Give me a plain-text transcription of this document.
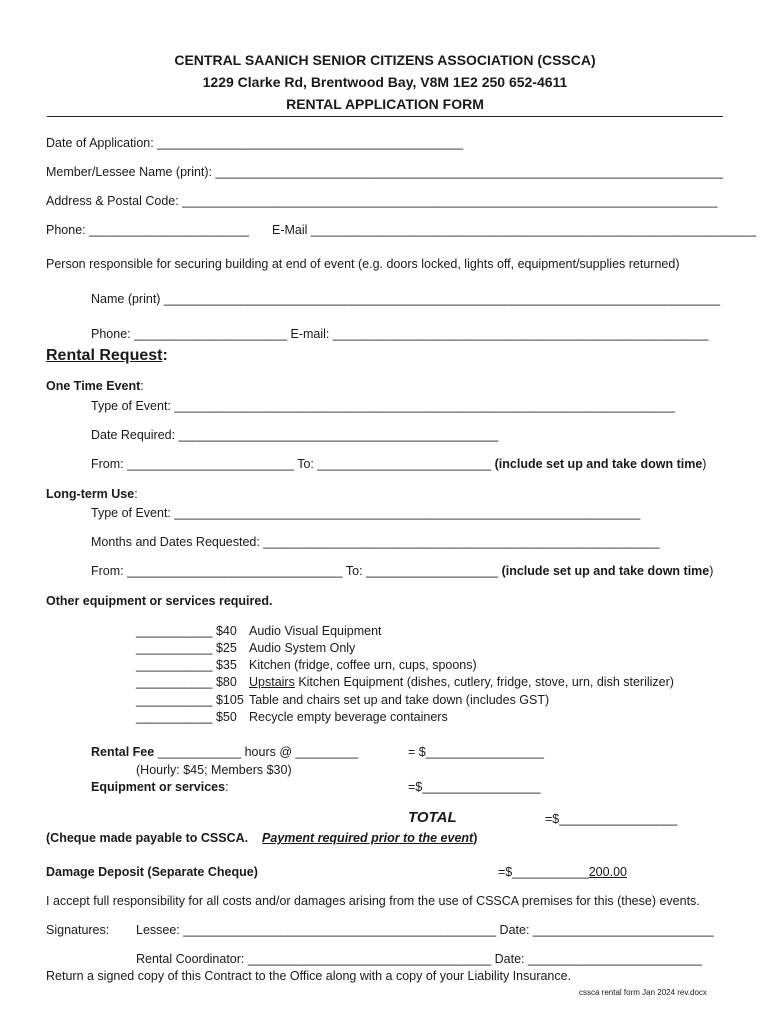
CENTRAL SAANICH SENIOR CITIZENS ASSOCIATION (CSSCA)
1229 Clarke Rd, Brentwood Bay, V8M 1E2 250 652-4611
RENTAL APPLICATION FORM
Date of Application: ____________________________________________
Member/Lessee Name (print): _________________________________________________________________________
Address & Postal Code: _____________________________________________________________________________
Phone: _______________________ E-Mail ________________________________________________________________
Person responsible for securing building at end of event (e.g. doors locked, lights off, equipment/supplies returned)
Name (print) ________________________________________________________________________________
Phone: ______________________ E-mail: ______________________________________________________
Rental Request:
One Time Event:
Type of Event: ________________________________________________________________________
Date Required: ______________________________________________
From: ________________________ To: _________________________ (include set up and take down time)
Long-term Use:
Type of Event: ___________________________________________________________________
Months and Dates Requested: _________________________________________________________
From: _______________________________ To: ___________________ (include set up and take down time)
Other equipment or services required.
___________ $40 Audio Visual Equipment
___________ $25 Audio System Only
___________ $35 Kitchen (fridge, coffee urn, cups, spoons)
___________ $80 Upstairs Kitchen Equipment (dishes, cutlery, fridge, stove, urn, dish sterilizer)
___________ $105 Table and chairs set up and take down (includes GST)
___________ $50 Recycle empty beverage containers
Rental Fee ____________ hours @ _________	= $_________________
(Hourly: $45; Members $30)
Equipment or services:	=$_________________
TOTAL	=$_________________
(Cheque made payable to CSSCA. Payment required prior to the event)
Damage Deposit (Separate Cheque)	=$___________200.00
I accept full responsibility for all costs and/or damages arising from the use of CSSCA premises for this (these) events.
Signatures: Lessee: _____________________________________________ Date: __________________________
Rental Coordinator: ___________________________________ Date: _________________________
Return a signed copy of this Contract to the Office along with a copy of your Liability Insurance.
cssca rental form Jan 2024 rev.docx
